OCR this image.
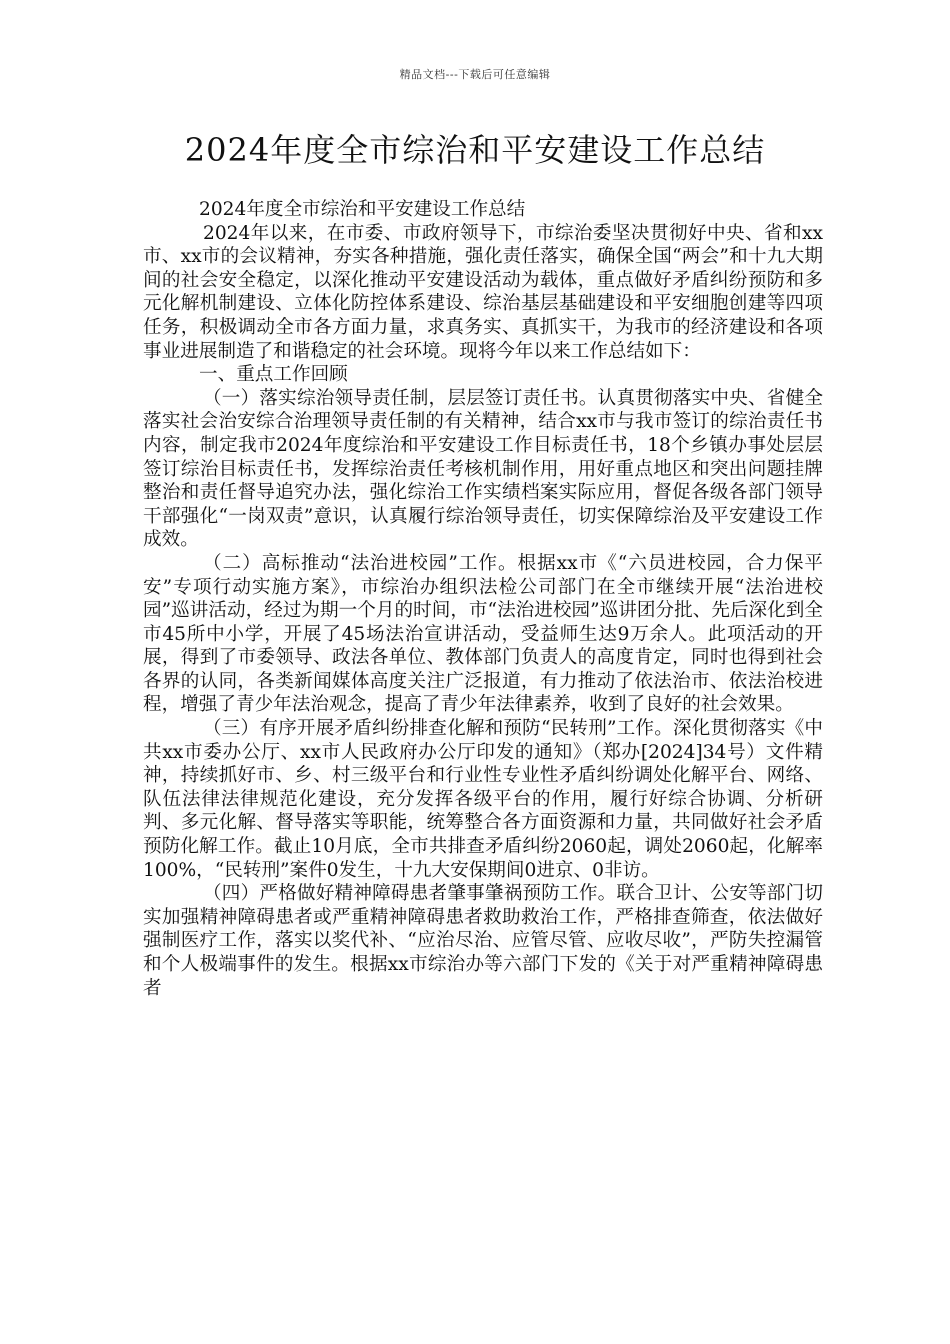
精品文档---下载后可任意编辑
2024年度全市综治和平安建设工作总结

2024年度全市综治和平安建设工作总结

2024年以来，在市委、市政府领导下，市综治委坚决贯彻好中央、省和xx市、xx市的会议精神，夯实各种措施，强化责任落实，确保全国“两会”和十九大期间的社会安全稳定，以深化推动平安建设活动为载体，重点做好矛盾纠纷预防和多元化解机制建设、立体化防控体系建设、综治基层基础建设和平安细胞创建等四项任务，积极调动全市各方面力量，求真务实、真抓实干，为我市的经济建设和各项事业进展制造了和谐稳定的社会环境。现将今年以来工作总结如下：

一、重点工作回顾

（一）落实综治领导责任制，层层签订责任书。认真贯彻落实中央、省健全落实社会治安综合治理领导责任制的有关精神，结合xx市与我市签订的综治责任书内容，制定我市2024年度综治和平安建设工作目标责任书，18个乡镇办事处层层签订综治目标责任书，发挥综治责任考核机制作用，用好重点地区和突出问题挂牌整治和责任督导追究办法，强化综治工作实绩档案实际应用，督促各级各部门领导干部强化“一岗双责”意识，认真履行综治领导责任，切实保障综治及平安建设工作成效。

（二）高标推动“法治进校园”工作。根据xx市《“六员进校园，合力保平安”专项行动实施方案》，市综治办组织法检公司部门在全市继续开展“法治进校园”巡讲活动，经过为期一个月的时间，市“法治进校园”巡讲团分批、先后深化到全市45所中小学，开展了45场法治宣讲活动，受益师生达9万余人。此项活动的开展，得到了市委领导、政法各单位、教体部门负责人的高度肯定，同时也得到社会各界的认同，各类新闻媒体高度关注广泛报道，有力推动了依法治市、依法治校进程，增强了青少年法治观念，提高了青少年法律素养，收到了良好的社会效果。

（三）有序开展矛盾纠纷排查化解和预防“民转刑”工作。深化贯彻落实《中共xx市委办公厅、xx市人民政府办公厅印发的通知》（郑办[2024]34号）文件精神，持续抓好市、乡、村三级平台和行业性专业性矛盾纠纷调处化解平台、网络、队伍法律法律规范化建设，充分发挥各级平台的作用，履行好综合协调、分析研判、多元化解、督导落实等职能，统筹整合各方面资源和力量，共同做好社会矛盾预防化解工作。截止10月底，全市共排查矛盾纠纷2060起，调处2060起，化解率100%，“民转刑”案件0发生，十九大安保期间0进京、0非访。

（四）严格做好精神障碍患者肇事肇祸预防工作。联合卫计、公安等部门切实加强精神障碍患者或严重精神障碍患者救助救治工作，严格排查筛查，依法做好强制医疗工作，落实以奖代补、“应治尽治、应管尽管、应收尽收”，严防失控漏管和个人极端事件的发生。根据xx市综治办等六部门下发的《关于对严重精神障碍患者
